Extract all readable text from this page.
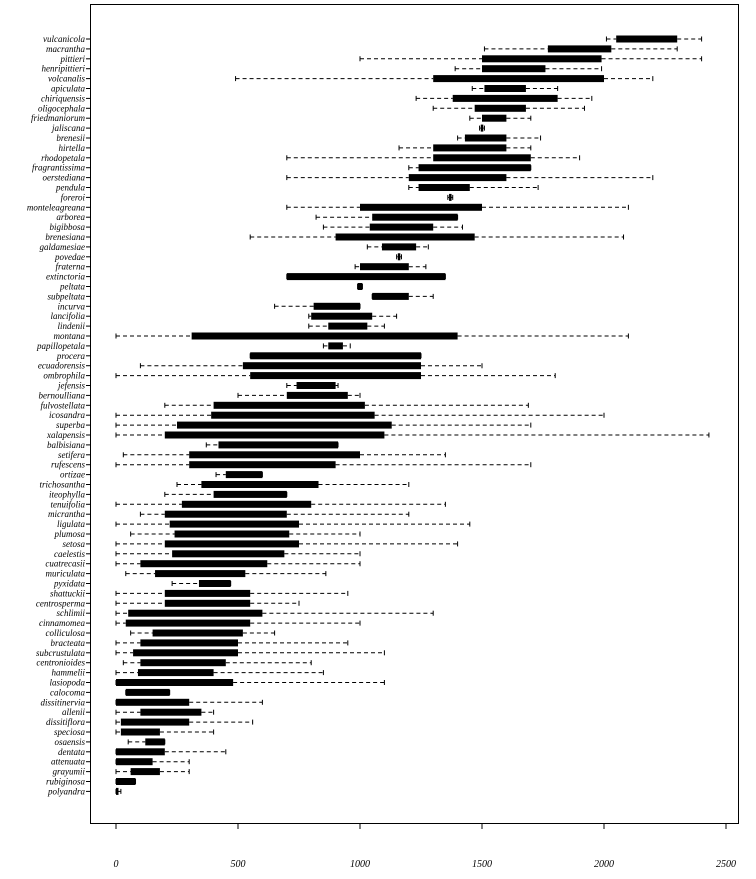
0	500	1000	1500	2000	2500
vulcanicola
macrantha
pittieri
henripittieri
volcanalis
apiculata
chiriquensis
oligocephala
friedmaniorum
jaliscana
brenesii
hirtella
rhodopetala
fragrantissima
oerstediana
pendula
foreroi
monteleagreana
arborea
bigibbosa
brenesiana
galdamesiae
povedae
fraterna
extinctoria
peltata
subpeltata
incurva
lancifolia
lindenii
montana
papillopetala
procera
ecuadorensis
ombrophila
jefensis
bernoulliana
fulvostellata
icosandra
superba
xalapensis
balbisiana
setifera
rufescens
ortizae
trichosantha
iteophylla
tenuifolia
micrantha
ligulata
plumosa
setosa
caelestis
cuatrecasii
muriculata
pyxidata
shattuckii
centrosperma
schlimii
cinnamomea
colliculosa
bracteata
subcrustulata
centronioides
hammelii
lasiopoda
calocoma
dissitinervia
allenii
dissitiflora
speciosa
osaensis
dentata
attenuata
grayumii
rubiginosa
polyandra
